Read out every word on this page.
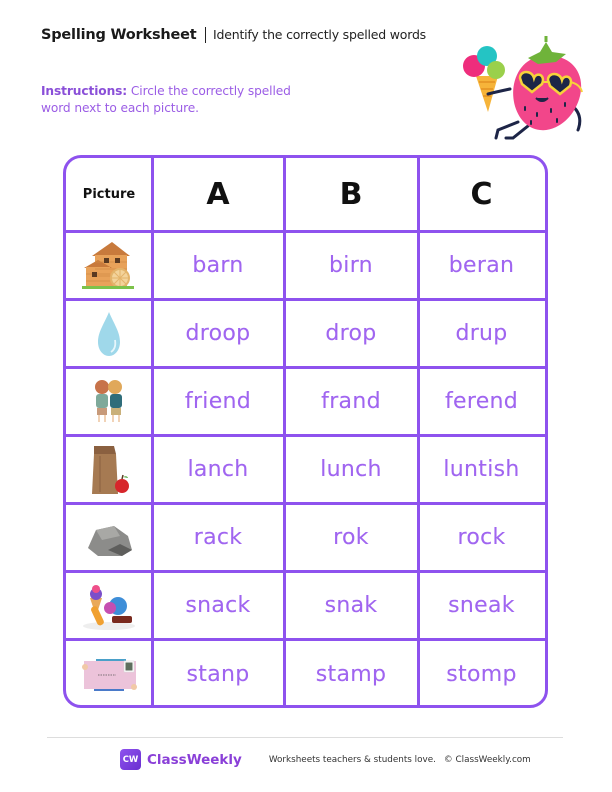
Spelling Worksheet Identify the correctly spelled words
Instructions: Circle the correctly spelled word next to each picture.
Picture A	B	C
barn	birn	beran
droop	drop	drup
friend	frand	ferend
lanch	lunch	luntish
rack	rok	rock
snack	snak	sneak
stanp	stamp	stomp
CW ClassWeekly	Worksheets teachers & students love. © ClassWeekly.com
